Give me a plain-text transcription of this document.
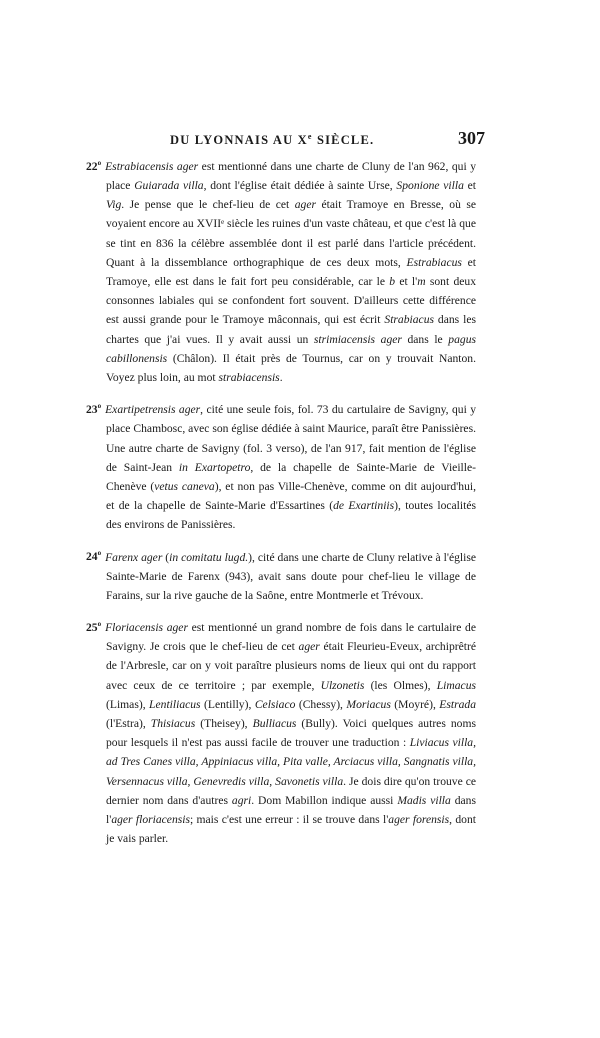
DU LYONNAIS AU Xe SIÈCLE.	307

22$^o$ Estrabiacensis ager est mentionné dans une charte de Cluny de l'an 962, qui y place Guiarada villa, dont l'église était dédiée à sainte Urse, Sponione villa et Vig. Je pense que le chef-lieu de cet ager était Tramoye en Bresse, où se voyaient encore au XVIIᵉ siècle les ruines d'un vaste château, et que c'est là que se tint en 836 la célèbre assemblée dont il est parlé dans l'article précédent. Quant à la dissemblance orthographique de ces deux mots, Estrabiacus et Tramoye, elle est dans le fait fort peu considérable, car le b et l'm sont deux consonnes labiales qui se confondent fort souvent. D'ailleurs cette différence est aussi grande pour le Tramoye mâconnais, qui est écrit Strabiacus dans les chartes que j'ai vues. Il y avait aussi un strimiacensis ager dans le pagus cabillonensis (Châlon). Il était près de Tournus, car on y trouvait Nanton. Voyez plus loin, au mot strabiacensis.

23$^o$ Exartipetrensis ager, cité une seule fois, fol. 73 du cartulaire de Savigny, qui y place Chambosc, avec son église dédiée à saint Maurice, paraît être Panissières. Une autre charte de Savigny (fol. 3 verso), de l'an 917, fait mention de l'église de Saint-Jean in Exartopetro, de la chapelle de Sainte-Marie de Vieille-Chenève (vetus caneva), et non pas Ville-Chenève, comme on dit aujourd'hui, et de la chapelle de Sainte-Marie d'Essartines (de Exartiniis), toutes localités des environs de Panissières.

24$^o$ Farenx ager (in comitatu lugd.), cité dans une charte de Cluny relative à l'église Sainte-Marie de Farenx (943), avait sans doute pour chef-lieu le village de Farains, sur la rive gauche de la Saône, entre Montmerle et Trévoux.

25$^o$ Floriacensis ager est mentionné un grand nombre de fois dans le cartulaire de Savigny. Je crois que le chef-lieu de cet ager était Fleurieu-Eveux, archiprêtré de l'Arbresle, car on y voit paraître plusieurs noms de lieux qui ont du rapport avec ceux de ce territoire ; par exemple, Ulzonetis (les Olmes), Limacus (Limas), Lentiliacus (Lentilly), Celsiaco (Chessy), Moriacus (Moyré), Estrada (l'Estra), Thisiacus (Theisey), Bulliacus (Bully). Voici quelques autres noms pour lesquels il n'est pas aussi facile de trouver une traduction : Liviacus villa, ad Tres Canes villa, Appiniacus villa, Pita valle, Arciacus villa, Sangnatis villa, Versennacus villa, Genevredis villa, Savonetis villa. Je dois dire qu'on trouve ce dernier nom dans d'autres agri. Dom Mabillon indique aussi Madis villa dans l'ager floriacensis; mais c'est une erreur : il se trouve dans l'ager forensis, dont je vais parler.
